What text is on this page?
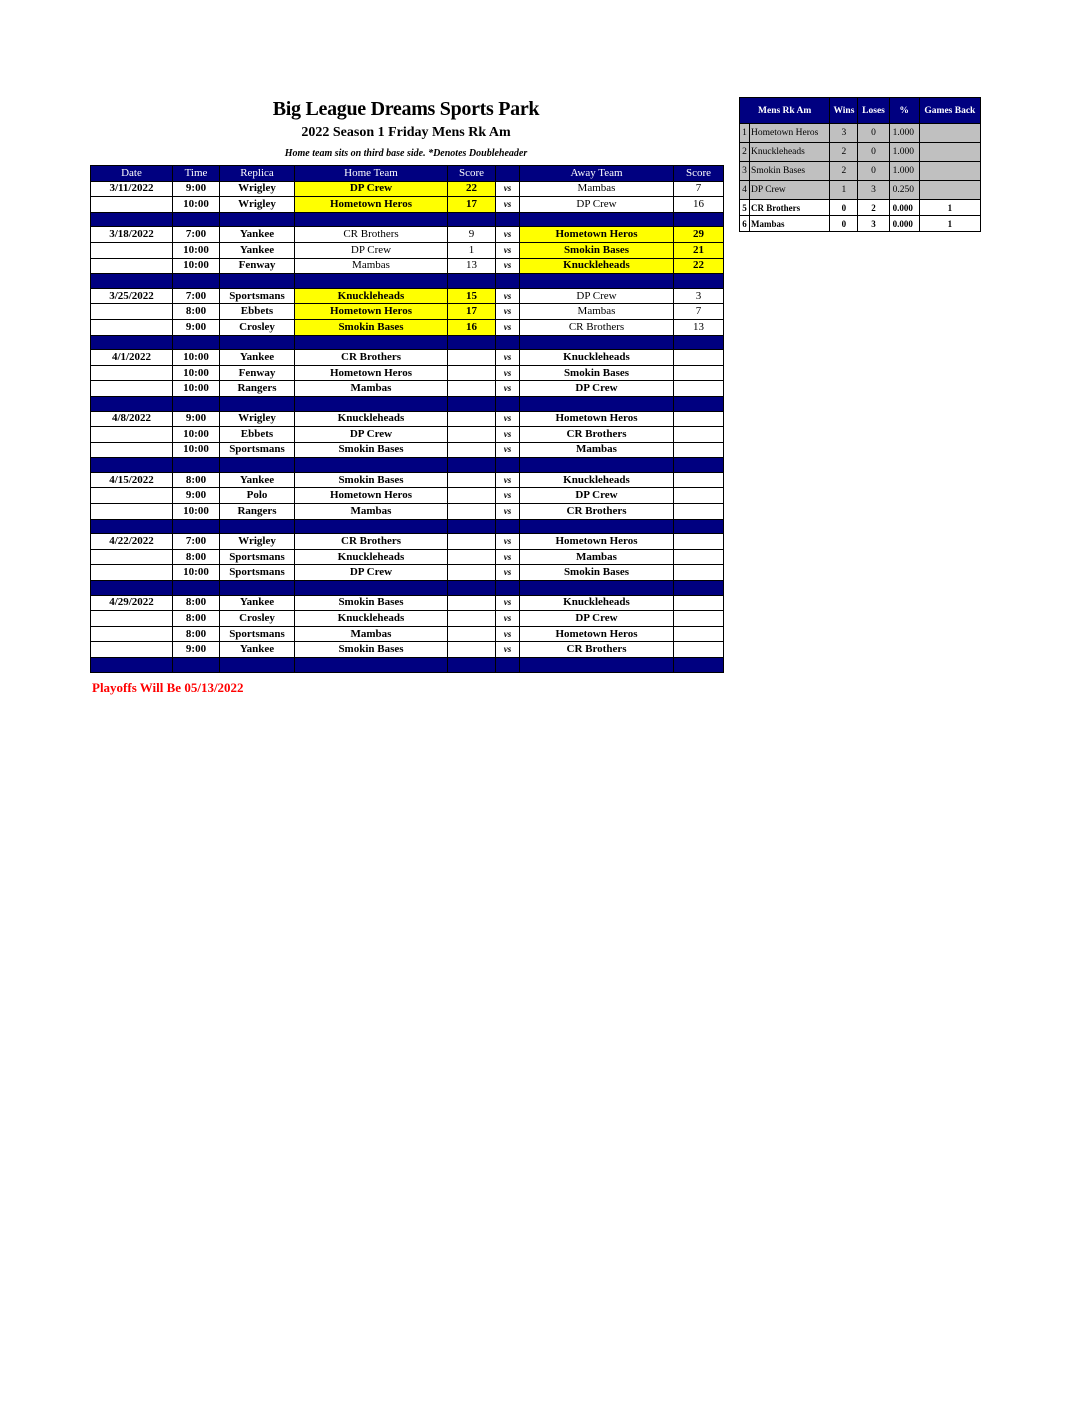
Big League Dreams Sports Park
2022 Season 1 Friday Mens Rk Am
Home team sits on third base side. *Denotes Doubleheader
Date	Time	Replica	Home Team	Score		Away Team	Score
3/11/2022	9:00	Wrigley	DP Crew	22	vs	Mambas	7
	10:00	Wrigley	Hometown Heros	17	vs	DP Crew	16

3/18/2022	7:00	Yankee	CR Brothers	9	vs	Hometown Heros	29
	10:00	Yankee	DP Crew	1	vs	Smokin Bases	21
	10:00	Fenway	Mambas	13	vs	Knuckleheads	22

3/25/2022	7:00	Sportsmans	Knuckleheads	15	vs	DP Crew	3
	8:00	Ebbets	Hometown Heros	17	vs	Mambas	7
	9:00	Crosley	Smokin Bases	16	vs	CR Brothers	13

4/1/2022	10:00	Yankee	CR Brothers		vs	Knuckleheads	
	10:00	Fenway	Hometown Heros		vs	Smokin Bases	
	10:00	Rangers	Mambas		vs	DP Crew	

4/8/2022	9:00	Wrigley	Knuckleheads		vs	Hometown Heros	
	10:00	Ebbets	DP Crew		vs	CR Brothers	
	10:00	Sportsmans	Smokin Bases		vs	Mambas	

4/15/2022	8:00	Yankee	Smokin Bases		vs	Knuckleheads	
	9:00	Polo	Hometown Heros		vs	DP Crew	
	10:00	Rangers	Mambas		vs	CR Brothers	

4/22/2022	7:00	Wrigley	CR Brothers		vs	Hometown Heros	
	8:00	Sportsmans	Knuckleheads		vs	Mambas	
	10:00	Sportsmans	DP Crew		vs	Smokin Bases	

4/29/2022	8:00	Yankee	Smokin Bases		vs	Knuckleheads	
	8:00	Crosley	Knuckleheads		vs	DP Crew	
	8:00	Sportsmans	Mambas		vs	Hometown Heros	
	9:00	Yankee	Smokin Bases		vs	CR Brothers	

Playoffs Will Be 05/13/2022
Mens Rk Am		Wins	Loses	%	Games Back
1	Hometown Heros	3	0	1.000	
2	Knuckleheads	2	0	1.000	
3	Smokin Bases	2	0	1.000	
4	DP Crew	1	3	0.250	
5	CR Brothers	0	2	0.000	1
6	Mambas	0	3	0.000	1
